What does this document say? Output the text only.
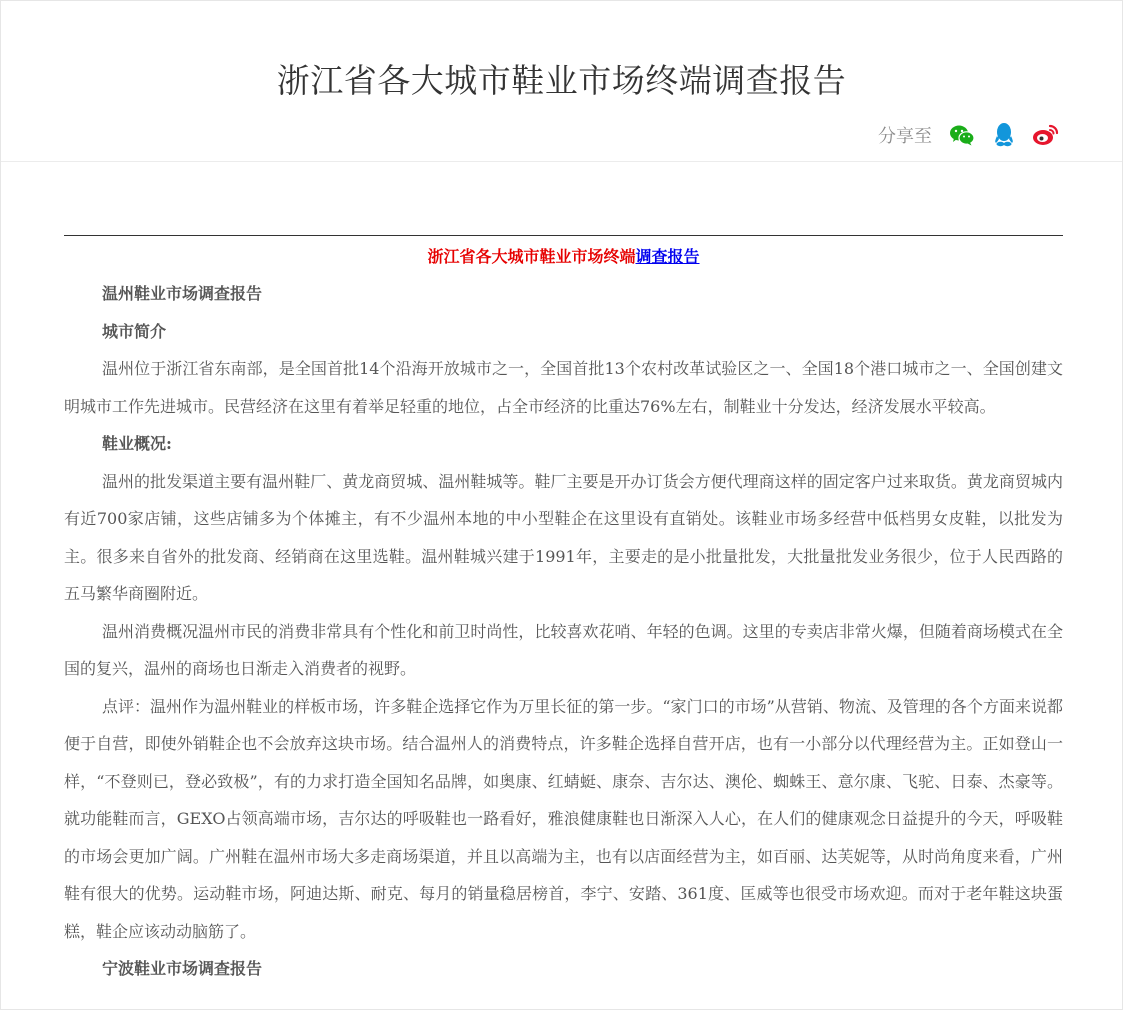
浙江省各大城市鞋业市场终端调查报告
分享至
浙江省各大城市鞋业市场终端调查报告

温州鞋业市场调查报告

城市简介

温州位于浙江省东南部，是全国首批14个沿海开放城市之一，全国首批13个农村改革试验区之一、全国18个港口城市之一、全国创建文明城市工作先进城市。民营经济在这里有着举足轻重的地位，占全市经济的比重达76%左右，制鞋业十分发达，经济发展水平较高。

鞋业概况:

温州的批发渠道主要有温州鞋厂、黄龙商贸城、温州鞋城等。鞋厂主要是开办订货会方便代理商这样的固定客户过来取货。黄龙商贸城内有近700家店铺，这些店铺多为个体摊主，有不少温州本地的中小型鞋企在这里设有直销处。该鞋业市场多经营中低档男女皮鞋，以批发为主。很多来自省外的批发商、经销商在这里选鞋。温州鞋城兴建于1991年，主要走的是小批量批发，大批量批发业务很少，位于人民西路的五马繁华商圈附近。

温州消费概况温州市民的消费非常具有个性化和前卫时尚性，比较喜欢花哨、年轻的色调。这里的专卖店非常火爆，但随着商场模式在全国的复兴，温州的商场也日渐走入消费者的视野。

点评：温州作为温州鞋业的样板市场，许多鞋企选择它作为万里长征的第一步。“家门口的市场”从营销、物流、及管理的各个方面来说都便于自营，即使外销鞋企也不会放弃这块市场。结合温州人的消费特点，许多鞋企选择自营开店，也有一小部分以代理经营为主。正如登山一样，“不登则已，登必致极”，有的力求打造全国知名品牌，如奥康、红蜻蜓、康奈、吉尔达、澳伦、蜘蛛王、意尔康、飞驼、日泰、杰豪等。就功能鞋而言，GEXO占领高端市场，吉尔达的呼吸鞋也一路看好，雅浪健康鞋也日渐深入人心，在人们的健康观念日益提升的今天，呼吸鞋的市场会更加广阔。广州鞋在温州市场大多走商场渠道，并且以高端为主，也有以店面经营为主，如百丽、达芙妮等，从时尚角度来看，广州鞋有很大的优势。运动鞋市场，阿迪达斯、耐克、每月的销量稳居榜首，李宁、安踏、361度、匡威等也很受市场欢迎。而对于老年鞋这块蛋糕，鞋企应该动动脑筋了。

宁波鞋业市场调查报告
